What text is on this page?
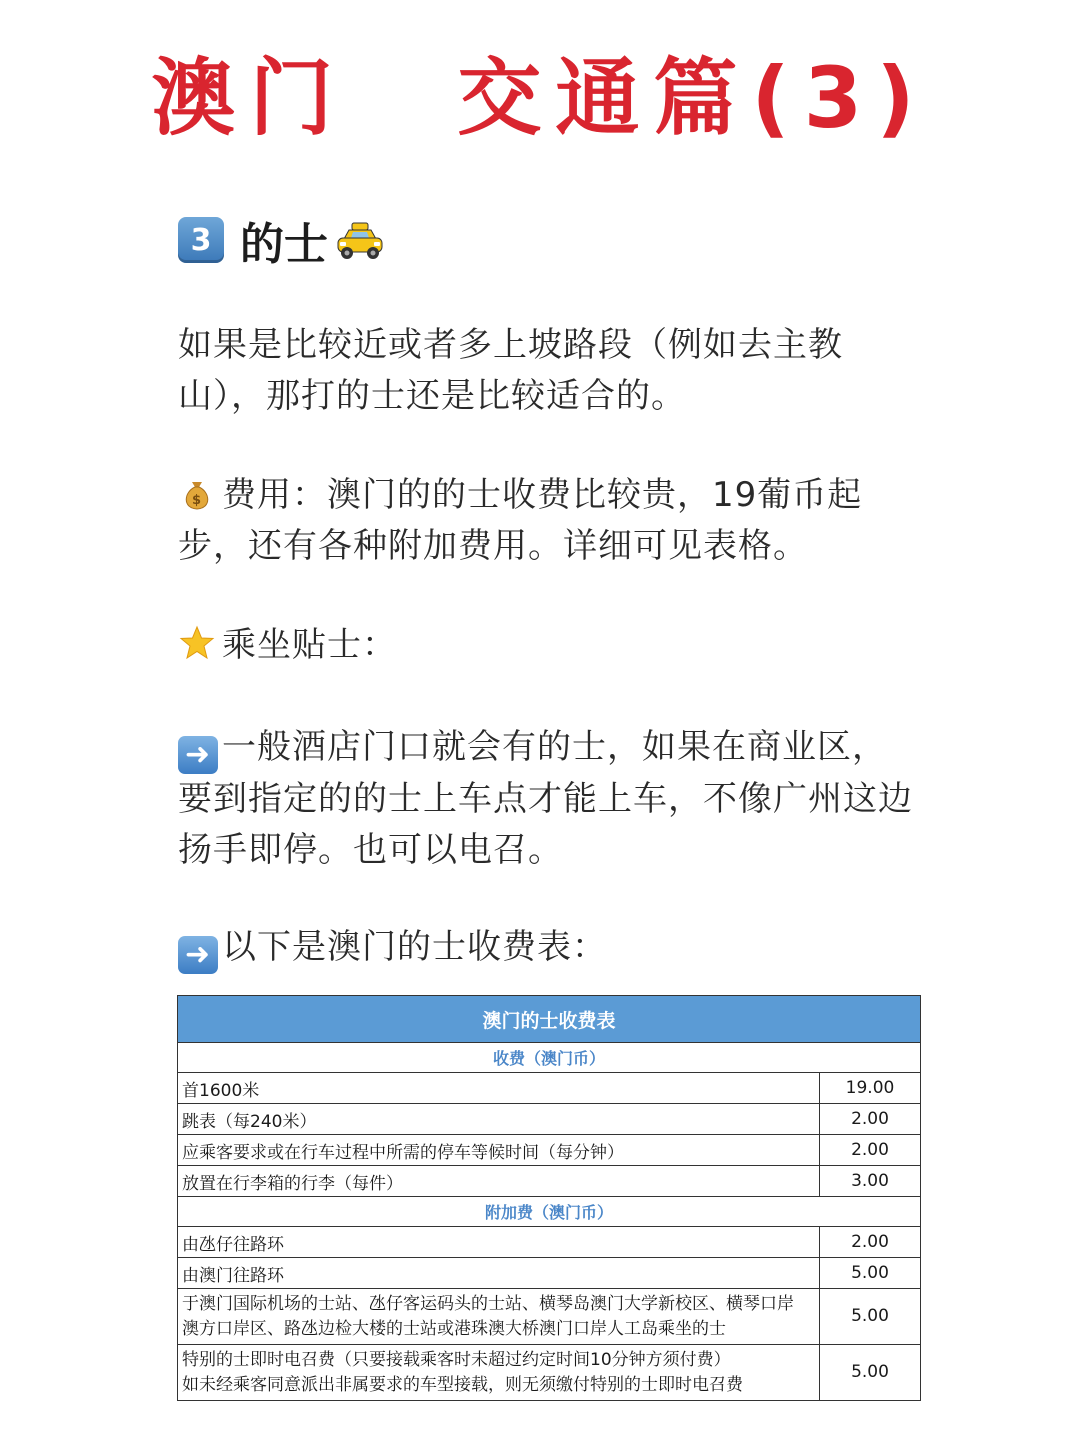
澳门 交通篇(3)
3 的士
如果是比较近或者多上坡路段（例如去主教山），那打的士还是比较适合的。
$ 费用：澳门的的士收费比较贵，19葡币起步，还有各种附加费用。详细可见表格。
乘坐贴士：
➜ 一般酒店门口就会有的士，如果在商业区，要到指定的的士上车点才能上车，不像广州这边扬手即停。也可以电召。
➜ 以下是澳门的士收费表：
澳门的士收费表	
收费（澳门币）	
首1600米	19.00
跳表（每240米）	2.00
应乘客要求或在行车过程中所需的停车等候时间（每分钟）	2.00
放置在行李箱的行李（每件）	3.00
附加费（澳门币）	
由氹仔往路环	2.00
由澳门往路环	5.00
于澳门国际机场的士站、氹仔客运码头的士站、横琴岛澳门大学新校区、横琴口岸
澳方口岸区、路氹边检大楼的士站或港珠澳大桥澳门口岸人工岛乘坐的士	5.00
特别的士即时电召费（只要接载乘客时未超过约定时间10分钟方须付费）
如未经乘客同意派出非属要求的车型接载，则无须缴付特别的士即时电召费	5.00
